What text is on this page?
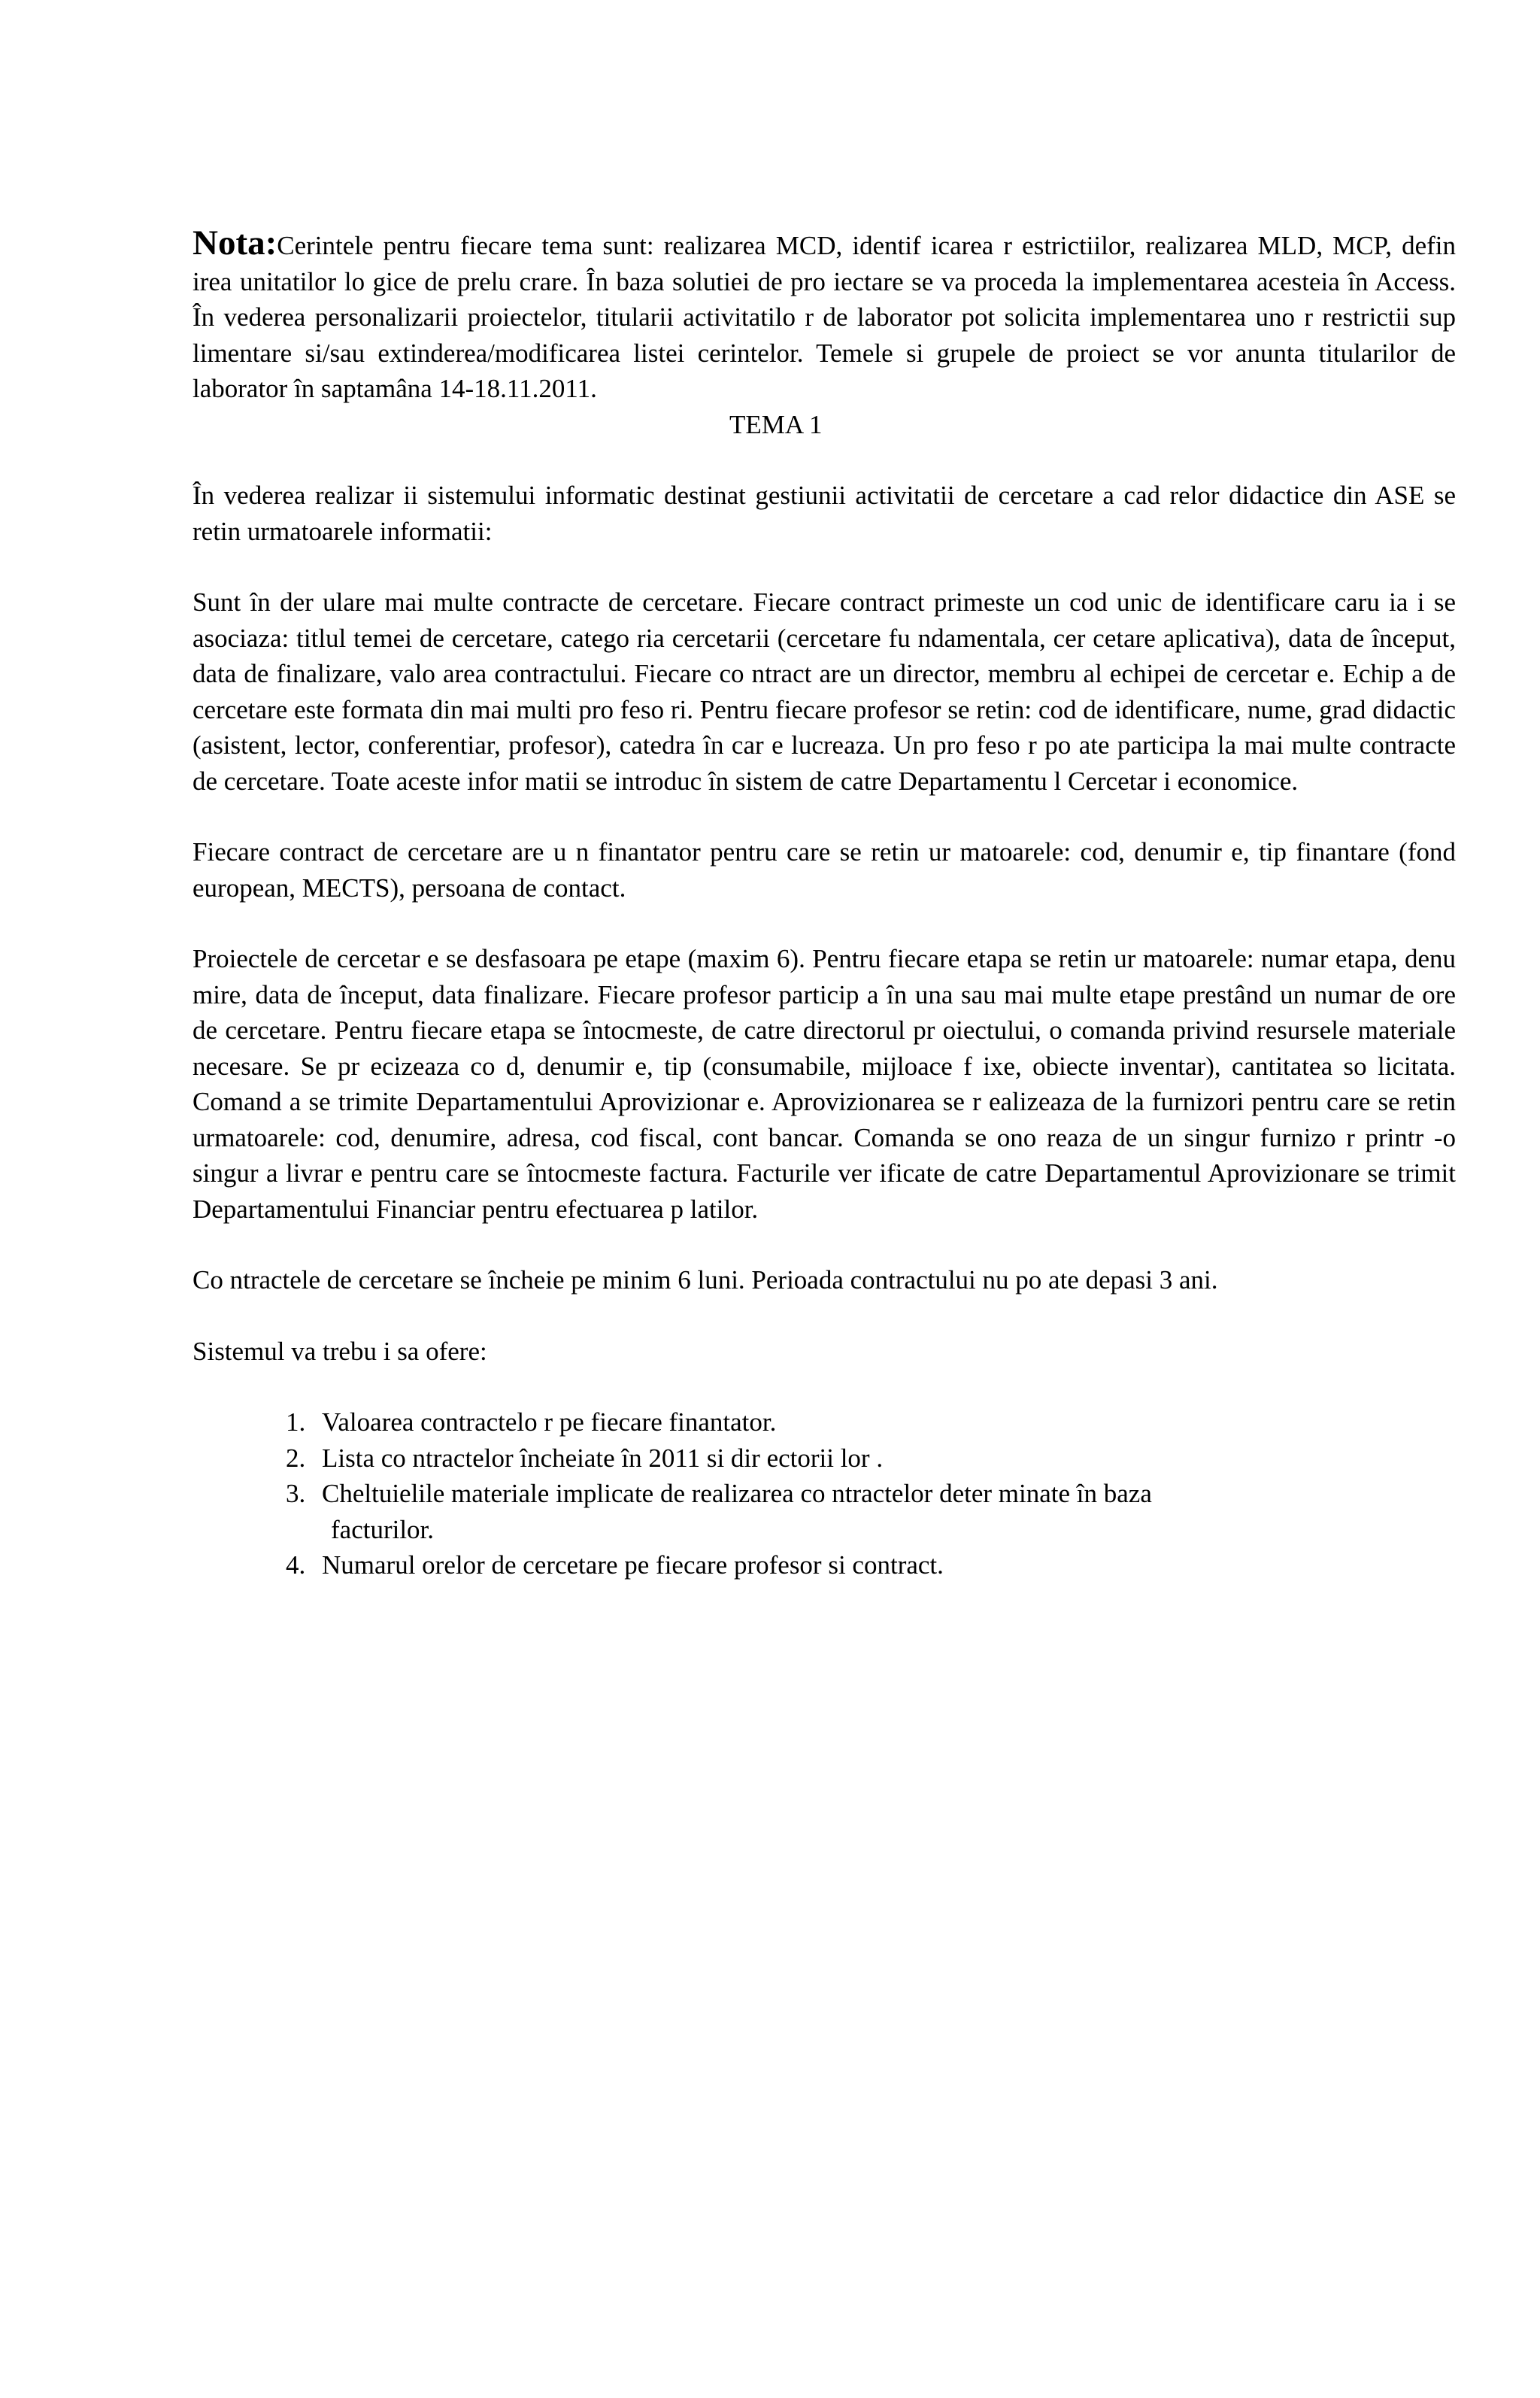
Nota:Cerintele pentru fiecare tema sunt: realizarea MCD, identif icarea r estrictiilor, realizarea MLD, MCP, defin irea unitatilor lo gice de prelu crare. În baza solutiei de pro iectare se va proceda la implementarea acesteia în Access. În vederea personalizarii proiectelor, titularii activitatilo r de laborator pot solicita implementarea uno r restrictii sup limentare si/sau extinderea/modificarea listei cerintelor. Temele si grupele de proiect se vor anunta titularilor de laborator în saptamâna 14-18.11.2011.

TEMA 1

În vederea realizar ii sistemului informatic destinat gestiunii activitatii de cercetare a cad relor didactice din ASE se retin urmatoarele informatii:

Sunt în der ulare mai multe contracte de cercetare. Fiecare contract primeste un cod unic de identificare caru ia i se asociaza: titlul temei de cercetare, catego ria cercetarii (cercetare fu ndamentala, cer cetare aplicativa), data de început, data de finalizare, valo area contractului. Fiecare co ntract are un director, membru al echipei de cercetar e. Echip a de cercetare este formata din mai multi pro feso ri. Pentru fiecare profesor se retin: cod de identificare, nume, grad didactic (asistent, lector, conferentiar, profesor), catedra în car e lucreaza. Un pro feso r po ate participa la mai multe contracte de cercetare. Toate aceste infor matii se introduc în sistem de catre Departamentu l Cercetar i economice.

Fiecare contract de cercetare are u n finantator pentru care se retin ur matoarele: cod, denumir e, tip finantare (fond european, MECTS), persoana de contact.

Proiectele de cercetar e se desfasoara pe etape (maxim 6). Pentru fiecare etapa se retin ur matoarele: numar etapa, denu mire, data de început, data finalizare. Fiecare profesor particip a în una sau mai multe etape prestând un numar de ore de cercetare. Pentru fiecare etapa se întocmeste, de catre directorul pr oiectului, o comanda privind resursele materiale necesare. Se pr ecizeaza co d, denumir e, tip (consumabile, mijloace f ixe, obiecte inventar), cantitatea so licitata. Comand a se trimite Departamentului Aprovizionar e. Aprovizionarea se r ealizeaza de la furnizori pentru care se retin urmatoarele: cod, denumire, adresa, cod fiscal, cont bancar. Comanda se ono reaza de un singur furnizo r printr -o singur a livrar e pentru care se întocmeste factura. Facturile ver ificate de catre Departamentul Aprovizionare se trimit Departamentului Financiar pentru efectuarea p latilor.

Co ntractele de cercetare se încheie pe minim 6 luni. Perioada contractului nu po ate depasi 3 ani.

Sistemul va trebu i sa ofere:

1. Valoarea contractelo r pe fiecare finantator.
2. Lista co ntractelor încheiate în 2011 si dir ectorii lor .
3. Cheltuielile materiale implicate de realizarea co ntractelor deter minate în baza
facturilor.
4. Numarul orelor de cercetare pe fiecare profesor si contract.
